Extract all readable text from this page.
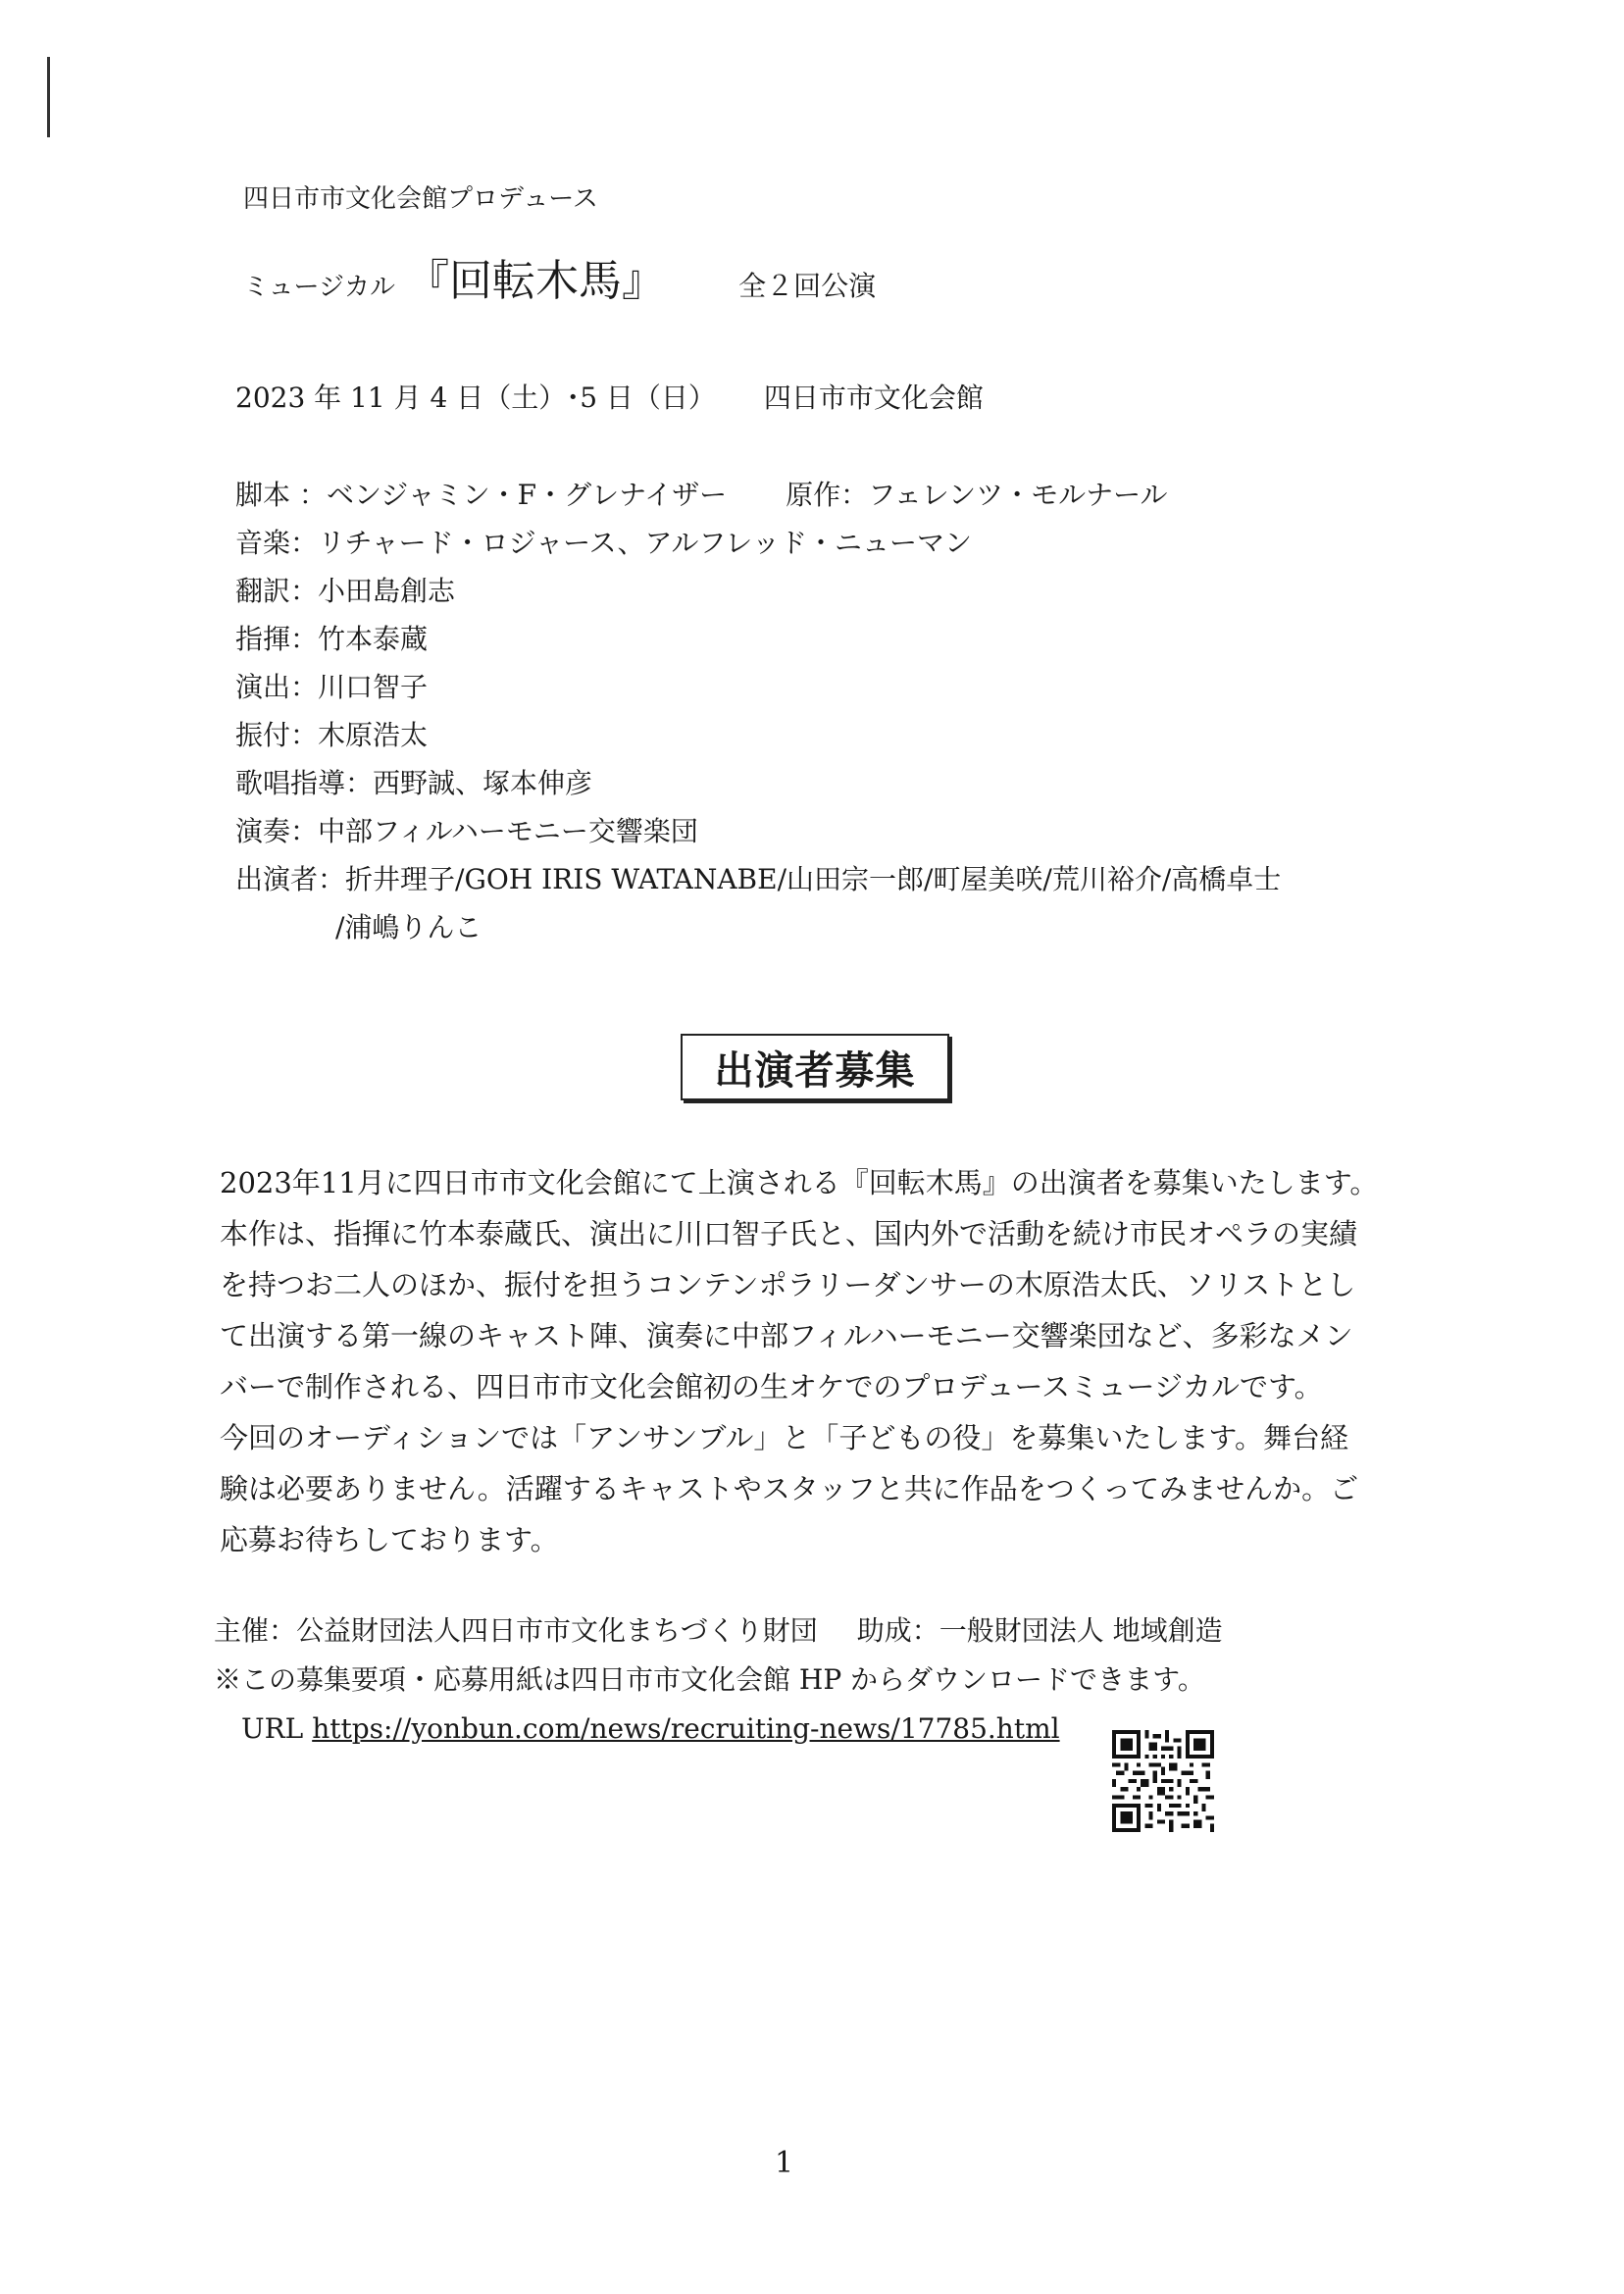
四日市市文化会館プロデュース
ミュージカル 『回転木馬』	全２回公演
2023 年 11 月 4 日（土）･5 日（日） 四日市市文化会館
脚本 ：ベンジャミン・F・グレナイザー 原作：フェレンツ・モルナール
音楽：リチャード・ロジャース、アルフレッド・ニューマン
翻訳：小田島創志
指揮：竹本泰蔵
演出：川口智子
振付：木原浩太
歌唱指導：西野誠、塚本伸彦
演奏：中部フィルハーモニー交響楽団
出演者：折井理子/GOH IRIS WATANABE/山田宗一郎/町屋美咲/荒川裕介/高橋卓士
/浦嶋りんこ
出演者募集
2023年11月に四日市市文化会館にて上演される『回転木馬』の出演者を募集いたします。
本作は、指揮に竹本泰蔵氏、演出に川口智子氏と、国内外で活動を続け市民オペラの実績
を持つお二人のほか、振付を担うコンテンポラリーダンサーの木原浩太氏、ソリストとし
て出演する第一線のキャスト陣、演奏に中部フィルハーモニー交響楽団など、多彩なメン
バーで制作される、四日市市文化会館初の生オケでのプロデュースミュージカルです。
今回のオーディションでは「アンサンブル」と「子どもの役」を募集いたします。舞台経
験は必要ありません。活躍するキャストやスタッフと共に作品をつくってみませんか。ご
応募お待ちしております。
主催：公益財団法人四日市市文化まちづくり財団 助成：一般財団法人 地域創造
※この募集要項・応募用紙は四日市市文化会館 HP からダウンロードできます。
URL https://yonbun.com/news/recruiting-news/17785.html
1
